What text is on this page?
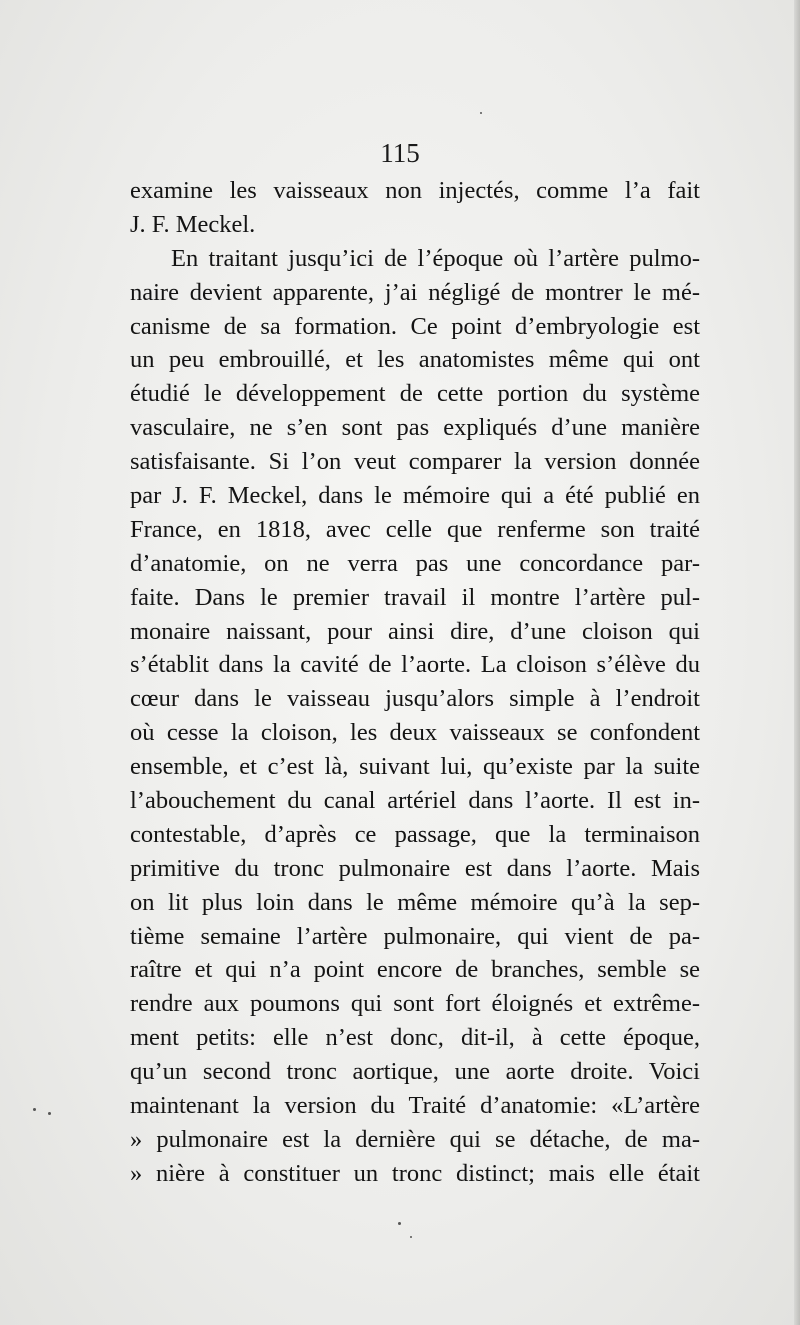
115
examine les vaisseaux non injectés, comme l’a fait
J. F. Meckel.
En traitant jusqu’ici de l’époque où l’artère pulmo-
naire devient apparente, j’ai négligé de montrer le mé-
canisme de sa formation. Ce point d’embryologie est
un peu embrouillé, et les anatomistes même qui ont
étudié le développement de cette portion du système
vasculaire, ne s’en sont pas expliqués d’une manière
satisfaisante. Si l’on veut comparer la version donnée
par J. F. Meckel, dans le mémoire qui a été publié en
France, en 1818, avec celle que renferme son traité
d’anatomie, on ne verra pas une concordance par-
faite. Dans le premier travail il montre l’artère pul-
monaire naissant, pour ainsi dire, d’une cloison qui
s’établit dans la cavité de l’aorte. La cloison s’élève du
cœur dans le vaisseau jusqu’alors simple à l’endroit
où cesse la cloison, les deux vaisseaux se confondent
ensemble, et c’est là, suivant lui, qu’existe par la suite
l’abouchement du canal artériel dans l’aorte. Il est in-
contestable, d’après ce passage, que la terminaison
primitive du tronc pulmonaire est dans l’aorte. Mais
on lit plus loin dans le même mémoire qu’à la sep-
tième semaine l’artère pulmonaire, qui vient de pa-
raître et qui n’a point encore de branches, semble se
rendre aux poumons qui sont fort éloignés et extrême-
ment petits: elle n’est donc, dit-il, à cette époque,
qu’un second tronc aortique, une aorte droite. Voici
maintenant la version du Traité d’anatomie: «L’artère
» pulmonaire est la dernière qui se détache, de ma-
» nière à constituer un tronc distinct; mais elle était
